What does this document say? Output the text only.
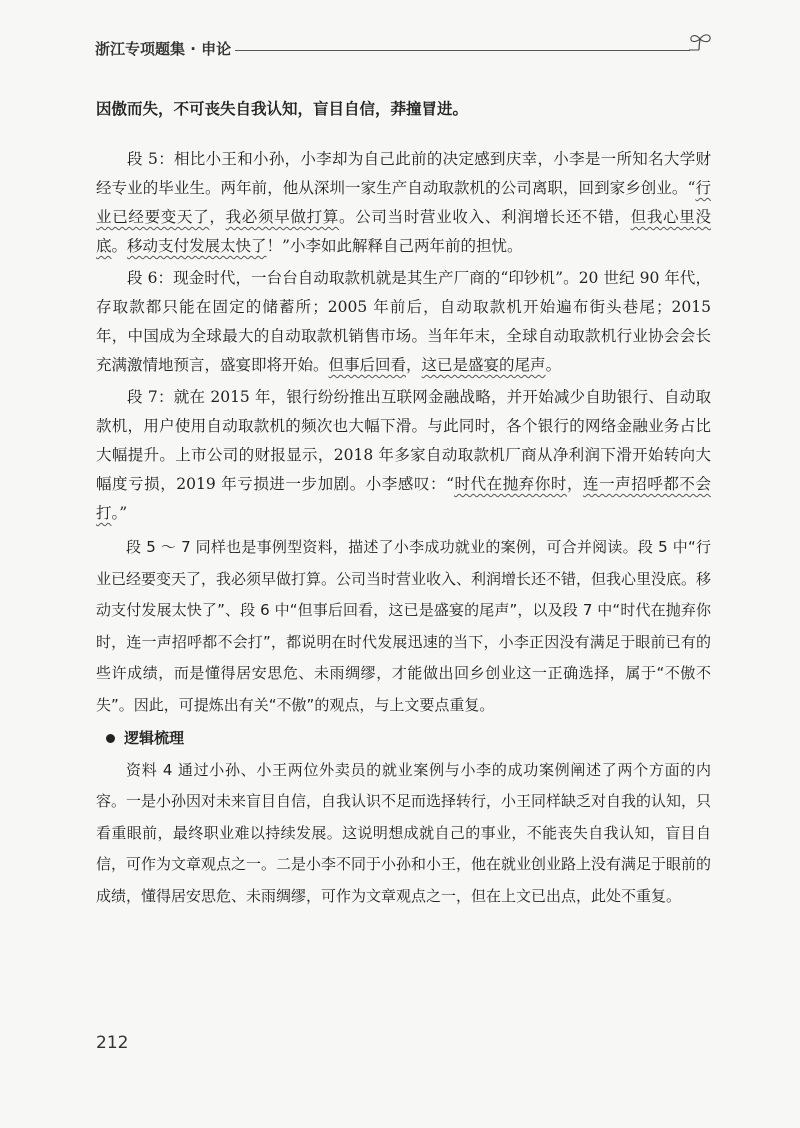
浙江专项题集 · 申论

因傲而失，不可丧失自我认知，盲目自信，莽撞冒进。

段 5：相比小王和小孙，小李却为自己此前的决定感到庆幸，小李是一所知名大学财经专业的毕业生。两年前，他从深圳一家生产自动取款机的公司离职，回到家乡创业。“行业已经要变天了，我必须早做打算。公司当时营业收入、利润增长还不错，但我心里没底。移动支付发展太快了！”小李如此解释自己两年前的担忧。

段 6：现金时代，一台台自动取款机就是其生产厂商的“印钞机”。20 世纪 90 年代，存取款都只能在固定的储蓄所；2005 年前后，自动取款机开始遍布街头巷尾；2015 年，中国成为全球最大的自动取款机销售市场。当年年末，全球自动取款机行业协会会长充满激情地预言，盛宴即将开始。但事后回看，这已是盛宴的尾声。

段 7：就在 2015 年，银行纷纷推出互联网金融战略，并开始减少自助银行、自动取款机，用户使用自动取款机的频次也大幅下滑。与此同时，各个银行的网络金融业务占比大幅提升。上市公司的财报显示，2018 年多家自动取款机厂商从净利润下滑开始转向大幅度亏损，2019 年亏损进一步加剧。小李感叹：“时代在抛弃你时，连一声招呼都不会打。”

段 5 ～ 7 同样也是事例型资料，描述了小李成功就业的案例，可合并阅读。段 5 中“行业已经要变天了，我必须早做打算。公司当时营业收入、利润增长还不错，但我心里没底。移动支付发展太快了”、段 6 中“但事后回看，这已是盛宴的尾声”，以及段 7 中“时代在抛弃你时，连一声招呼都不会打”，都说明在时代发展迅速的当下，小李正因没有满足于眼前已有的些许成绩，而是懂得居安思危、未雨绸缪，才能做出回乡创业这一正确选择，属于“不傲不失”。因此，可提炼出有关“不傲”的观点，与上文要点重复。

逻辑梳理

资料 4 通过小孙、小王两位外卖员的就业案例与小李的成功案例阐述了两个方面的内容。一是小孙因对未来盲目自信，自我认识不足而选择转行，小王同样缺乏对自我的认知，只看重眼前，最终职业难以持续发展。这说明想成就自己的事业，不能丧失自我认知，盲目自信，可作为文章观点之一。二是小李不同于小孙和小王，他在就业创业路上没有满足于眼前的成绩，懂得居安思危、未雨绸缪，可作为文章观点之一，但在上文已出点，此处不重复。

212
